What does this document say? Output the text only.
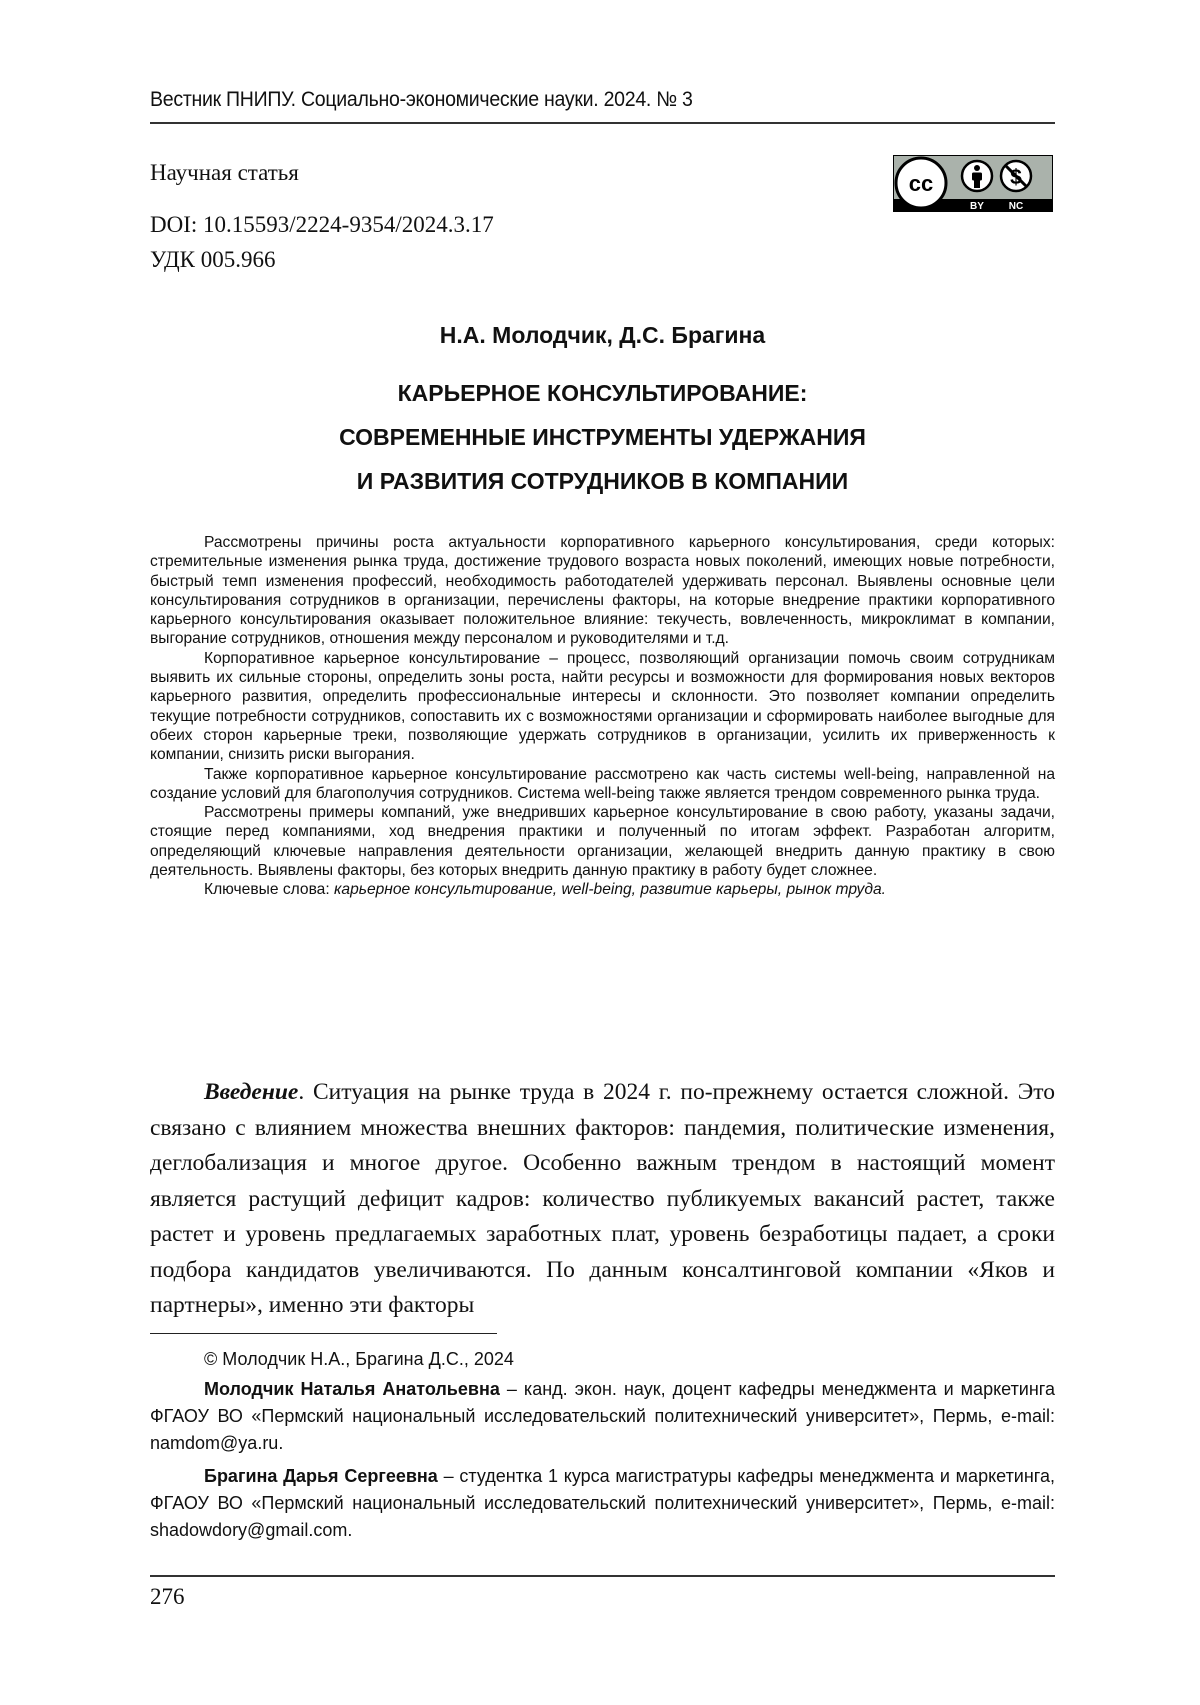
Вестник ПНИПУ. Социально-экономические науки. 2024. № 3
Научная статья
DOI: 10.15593/2224-9354/2024.3.17
УДК 005.966
cc
BY NC
Н.А. Молодчик, Д.С. Брагина
КАРЬЕРНОЕ КОНСУЛЬТИРОВАНИЕ:
СОВРЕМЕННЫЕ ИНСТРУМЕНТЫ УДЕРЖАНИЯ
И РАЗВИТИЯ СОТРУДНИКОВ В КОМПАНИИ

Рассмотрены причины роста актуальности корпоративного карьерного консультирования, среди которых: стремительные изменения рынка труда, достижение трудового возраста новых поколений, имеющих новые потребности, быстрый темп изменения профессий, необходимость работодателей удерживать персонал. Выявлены основные цели консультирования сотрудников в организации, перечислены факторы, на которые внедрение практики корпоративного карьерного консультирования оказывает положительное влияние: текучесть, вовлеченность, микроклимат в компании, выгорание сотрудников, отношения между персоналом и руководителями и т.д.

Корпоративное карьерное консультирование – процесс, позволяющий организации помочь своим сотрудникам выявить их сильные стороны, определить зоны роста, найти ресурсы и возможности для формирования новых векторов карьерного развития, определить профессиональные интересы и склонности. Это позволяет компании определить текущие потребности сотрудников, сопоставить их с возможностями организации и сформировать наиболее выгодные для обеих сторон карьерные треки, позволяющие удержать сотрудников в организации, усилить их приверженность к компании, снизить риски выгорания.

Также корпоративное карьерное консультирование рассмотрено как часть системы well-being, направленной на создание условий для благополучия сотрудников. Система well-being также является трендом современного рынка труда.

Рассмотрены примеры компаний, уже внедривших карьерное консультирование в свою работу, указаны задачи, стоящие перед компаниями, ход внедрения практики и полученный по итогам эффект. Разработан алгоритм, определяющий ключевые направления деятельности организации, желающей внедрить данную практику в свою деятельность. Выявлены факторы, без которых внедрить данную практику в работу будет сложнее.

Ключевые слова: карьерное консультирование, well-being, развитие карьеры, рынок труда.

Введение. Ситуация на рынке труда в 2024 г. по-прежнему остается сложной. Это связано с влиянием множества внешних факторов: пандемия, политические изменения, деглобализация и многое другое. Особенно важным трендом в настоящий момент является растущий дефицит кадров: количество публикуемых вакансий растет, также растет и уровень предлагаемых заработных плат, уровень безработицы падает, а сроки подбора кандидатов увеличиваются. По данным консалтинговой компании «Яков и партнеры», именно эти факторы

© Молодчик Н.А., Брагина Д.С., 2024

Молодчик Наталья Анатольевна – канд. экон. наук, доцент кафедры менеджмента и маркетинга ФГАОУ ВО «Пермский национальный исследовательский политехнический университет», Пермь, e-mail: namdom@ya.ru.

Брагина Дарья Сергеевна – студентка 1 курса магистратуры кафедры менеджмента и маркетинга, ФГАОУ ВО «Пермский национальный исследовательский политехнический университет», Пермь, e-mail: shadowdory@gmail.com.

276
